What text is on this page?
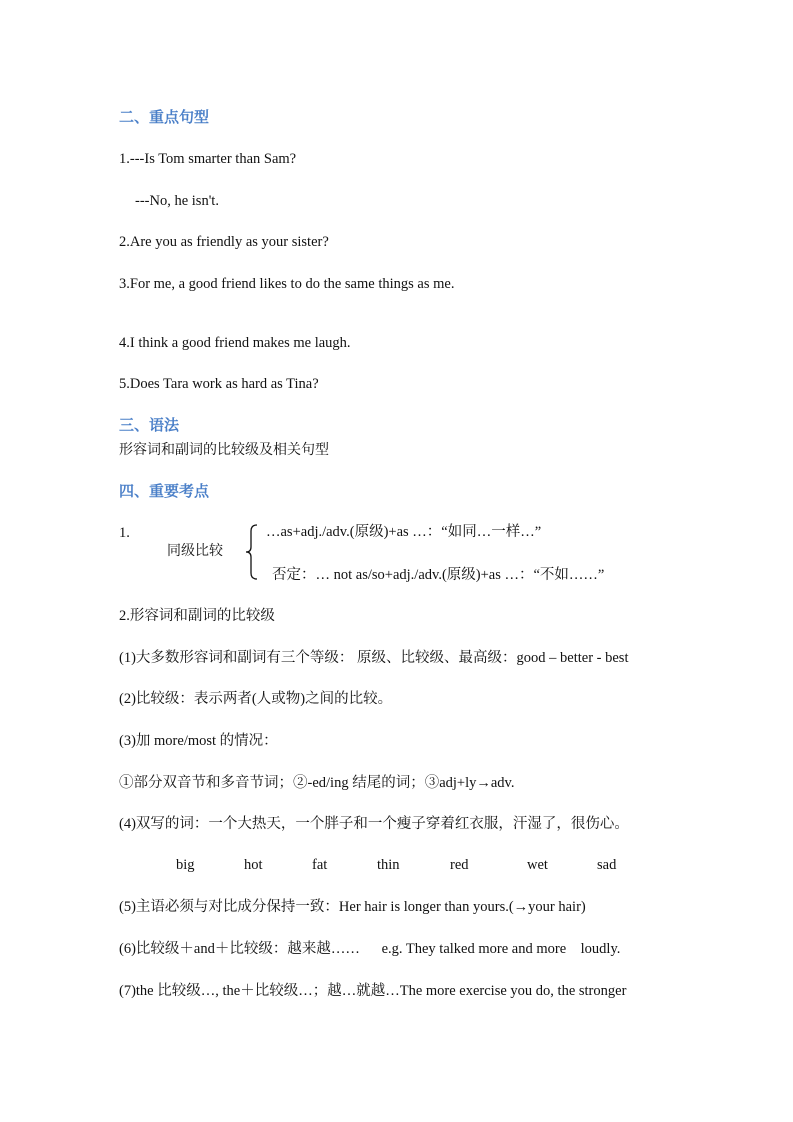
二、重点句型
1.---Is Tom smarter than Sam?
---No, he isn't.
2.Are you as friendly as your sister?
3.For me, a good friend likes to do the same things as me.
4.I think a good friend makes me laugh.
5.Does Tara work as hard as Tina?
三、语法
形容词和副词的比较级及相关句型
四、重要考点
1.
同级比较
…as+adj./adv.(原级)+as …：“如同…一样…”
否定：… not as/so+adj./adv.(原级)+as …：“不如……”
2.形容词和副词的比较级
(1)大多数形容词和副词有三个等级： 原级、比较级、最高级：good – better - best
(2)比较级：表示两者(人或物)之间的比较。
(3)加 more/most 的情况：
①部分双音节和多音节词；②-ed/ing 结尾的词；③adj+ly→adv.
(4)双写的词：一个大热天，一个胖子和一个瘦子穿着红衣服，汗湿了，很伤心。
big	hot	fat	thin	red	wet	sad
(5)主语必须与对比成分保持一致：Her hair is longer than yours.(→your hair)
(6)比较级＋and＋比较级：越来越……      e.g. They talked more and more    loudly.
(7)the 比较级…, the＋比较级…；越…就越…The more exercise you do, the stronger
